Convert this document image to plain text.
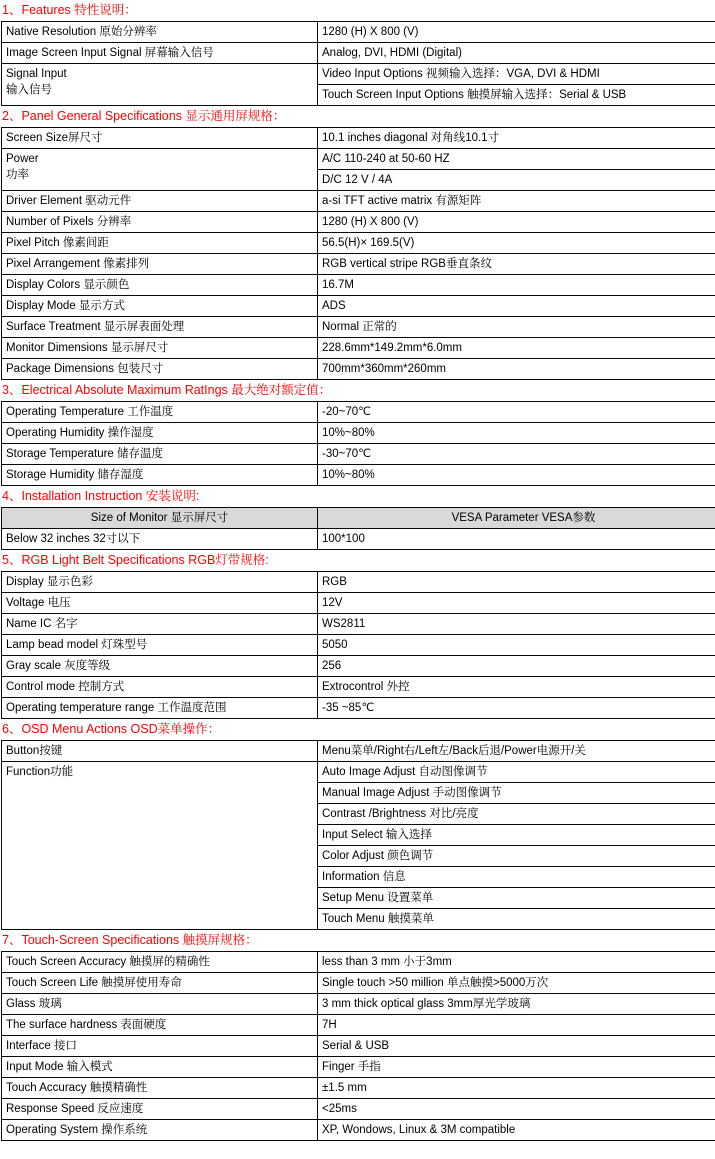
1、Features 特性说明：
Native Resolution 原始分辨率	1280 (H) X 800 (V)
Image Screen Input Signal 屏幕输入信号	Analog, DVI, HDMI (Digital)

Signal Input
输入信号	Video Input Options 视频输入选择：VGA, DVI & HDMI
	Touch Screen Input Options 触摸屏输入选择：Serial & USB
2、Panel General Specifications 显示通用屏规格：
Screen Size屏尺寸	10.1 inches diagonal 对角线10.1寸

Power
功率	A/C 110-240 at 50-60 HZ
	D/C 12 V / 4A
Driver Element 驱动元件	a-si TFT active matrix 有源矩阵
Number of Pixels 分辨率	1280 (H) X 800 (V)
Pixel Pitch 像素间距	56.5(H)× 169.5(V)
Pixel Arrangement 像素排列	RGB vertical stripe RGB垂直条纹
Display Colors 显示颜色	16.7M
Display Mode 显示方式	ADS
Surface Treatment 显示屏表面处理	Normal 正常的
Monitor Dimensions 显示屏尺寸	228.6mm*149.2mm*6.0mm
Package Dimensions 包装尺寸	700mm*360mm*260mm
3、Electrical Absolute Maximum RatIngs 最大绝对额定值：
Operating Temperature 工作温度	-20~70℃
Operating Humidity 操作湿度	10%~80%
Storage Temperature 储存温度	-30~70℃
Storage Humidity 储存湿度	10%~80%
4、Installation Instruction 安装说明:
Size of Monitor 显示屏尺寸	VESA Parameter VESA参数
Below 32 inches 32寸以下	100*100
5、RGB Light Belt Specifications RGB灯带规格:
Display 显示色彩	RGB
Voltage 电压	12V
Name IC 名字	WS2811
Lamp bead model 灯珠型号	5050
Gray scale 灰度等级	256
Control mode 控制方式	Extrocontrol 外控
Operating temperature range 工作温度范围	-35 ~85℃
6、OSD Menu Actions OSD菜单操作：
Button按键	Menu菜单/Right右/Left左/Back后退/Power电源开/关
Function功能	Auto Image Adjust 自动图像调节
	Manual Image Adjust 手动图像调节
	Contrast /Brightness 对比/亮度
	Input Select 输入选择
	Color Adjust 颜色调节
	Information 信息
	Setup Menu 设置菜单
	Touch Menu 触摸菜单
7、Touch-Screen Specifications 触摸屏规格：
Touch Screen Accuracy 触摸屏的精确性	less than 3 mm 小于3mm
Touch Screen Life 触摸屏使用寿命	Single touch >50 million 单点触摸>5000万次
Glass 玻璃	3 mm thick optical glass 3mm厚光学玻璃
The surface hardness 表面硬度	7H
Interface 接口	Serial & USB
Input Mode 输入模式	Finger 手指
Touch Accuracy 触摸精确性	±1.5 mm
Response Speed 反应速度	<25ms
Operating System 操作系统	XP, Wondows, Linux & 3M compatible
